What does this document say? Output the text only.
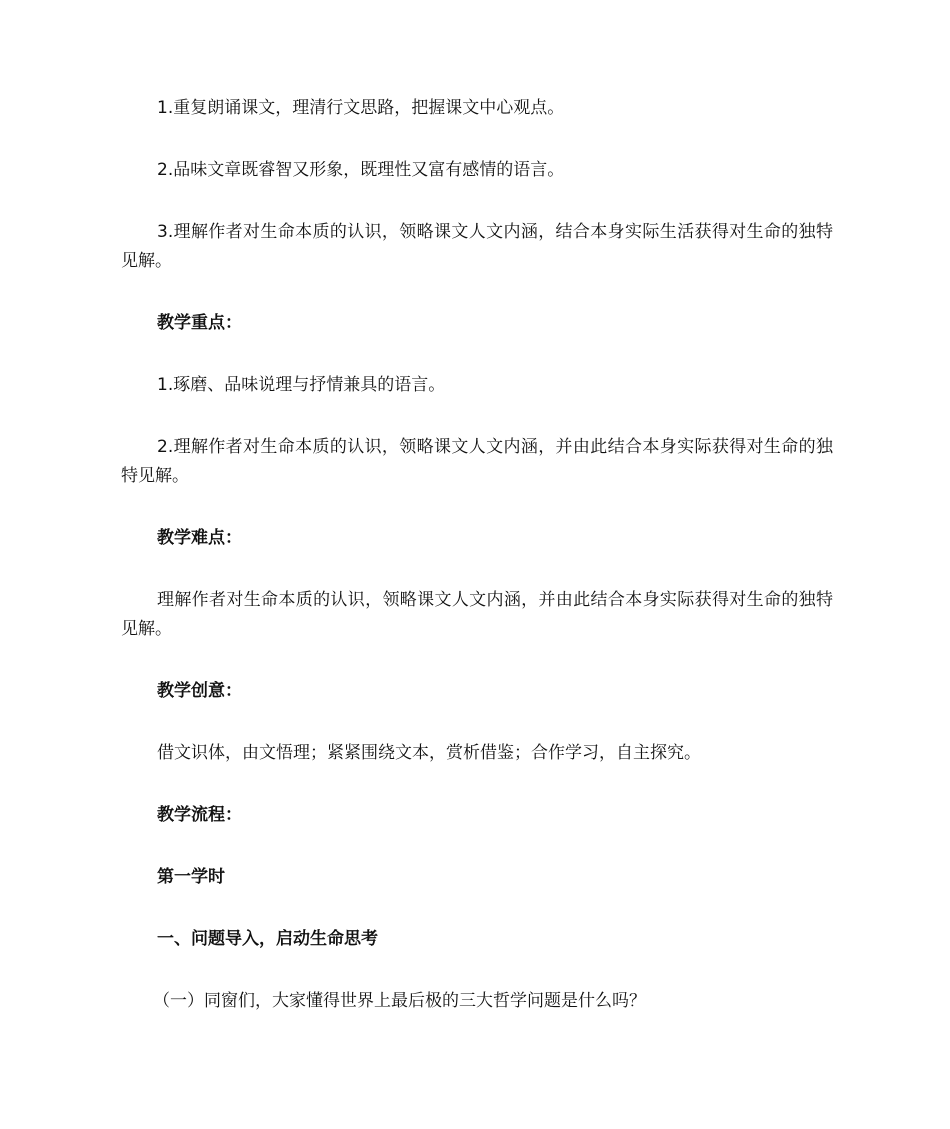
1.重复朗诵课文，理清行文思路，把握课文中心观点。

2.品味文章既睿智又形象，既理性又富有感情的语言。

3.理解作者对生命本质的认识，领略课文人文内涵，结合本身实际生活获得对生命的独特见解。

教学重点：

1.琢磨、品味说理与抒情兼具的语言。

2.理解作者对生命本质的认识，领略课文人文内涵，并由此结合本身实际获得对生命的独特见解。

教学难点：

理解作者对生命本质的认识，领略课文人文内涵，并由此结合本身实际获得对生命的独特见解。

教学创意：

借文识体，由文悟理；紧紧围绕文本，赏析借鉴；合作学习，自主探究。

教学流程：

第一学时

一、问题导入，启动生命思考

（一）同窗们，大家懂得世界上最后极的三大哲学问题是什么吗？
